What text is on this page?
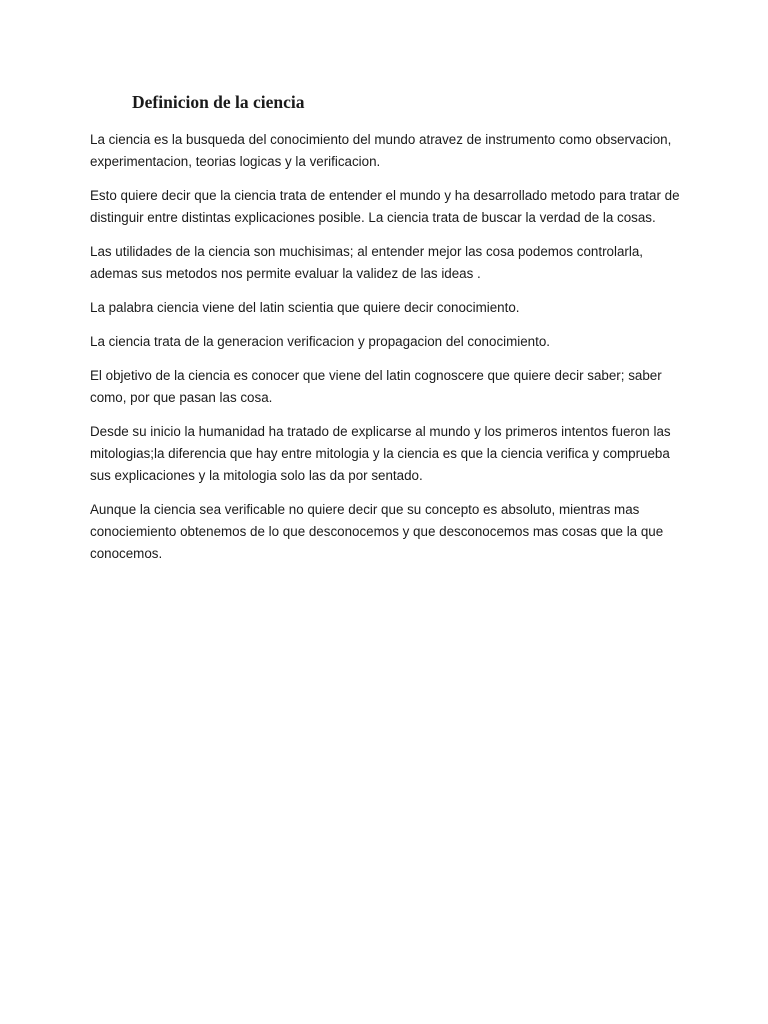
Definicion de la ciencia

La ciencia es la busqueda del conocimiento del mundo atravez de instrumento como observacion, experimentacion, teorias logicas y la verificacion.

Esto quiere decir que la ciencia trata de entender el mundo y ha desarrollado metodo para tratar de distinguir entre distintas explicaciones posible. La ciencia trata de buscar la verdad de la cosas.

Las utilidades de la ciencia son muchisimas; al entender mejor las cosa podemos controlarla, ademas sus metodos nos permite evaluar la validez de las ideas .

La palabra ciencia viene del latin scientia que quiere decir conocimiento.

La ciencia trata de la generacion verificacion y propagacion del conocimiento.

El objetivo de la ciencia es conocer que viene del latin cognoscere que quiere decir saber; saber como, por que pasan las cosa.

Desde su inicio la humanidad ha tratado de explicarse al mundo y los primeros intentos fueron las mitologias;la diferencia que hay entre mitologia y la ciencia es que la ciencia verifica y comprueba sus explicaciones y la mitologia solo las da por sentado.

Aunque la ciencia sea verificable no quiere decir que su concepto es absoluto, mientras mas conociemiento obtenemos de lo que desconocemos y que desconocemos mas cosas que la que conocemos.
